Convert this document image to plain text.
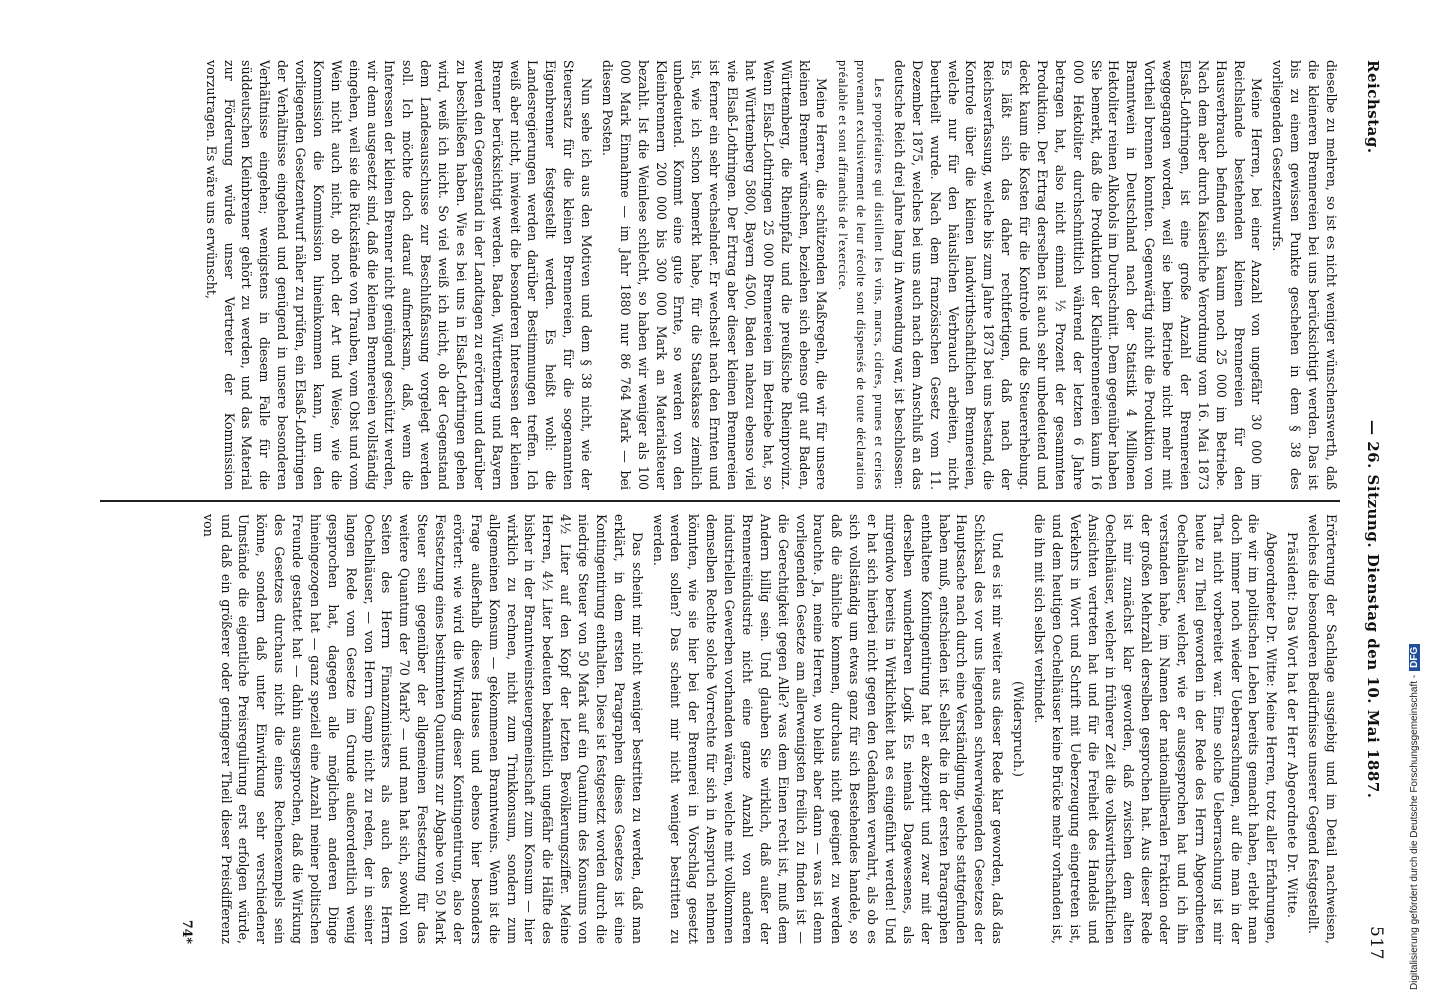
Reichstag.
— 26. Sitzung. Dienstag den 10. Mai 1887.
517

dieselbe zu mehren, so ist es nicht weniger wünschenswerth, daß die kleineren Brennereien bei uns berücksichtigt werden. Das ist bis zu einem gewissen Punkte geschehen in dem § 38 des vorliegenden Gesetzentwurfs.

Meine Herren, bei einer Anzahl von ungefähr 30 000 im Reichslande bestehenden kleinen Brennereien für den Hausverbrauch befinden sich kaum noch 25 000 im Betriebe. Nach dem aber durch Kaiserliche Verordnung vom 16. Mai 1873 Elsaß-Lothringen, ist eine große Anzahl der Brennereien weggegangen worden, weil sie beim Betriebe nicht mehr mit Vortheil brennen konnten. Gegenwärtig nicht die Produktion von Branntwein in Deutschland nach der Statistik 4 Millionen Hektoliter reinen Alkohols im Durchschnitt. Dem gegenüber haben Sie bemerkt, daß die Produktion der Kleinbrennereien kaum 16 000 Hektoliter durchschnittlich während der letzten 6 Jahre betragen hat, also nicht einmal ½ Prozent der gesammten Produktion. Der Ertrag derselben ist auch sehr unbedeutend und deckt kaum die Kosten für die Kontrole und die Steuererhebung. Es läßt sich das daher rechtfertigen, daß nach der Reichsverfassung, welche bis zum Jahre 1873 bei uns bestand, die Kontrole über die kleinen landwirthschaftlichen Brennereien, welche nur für den häuslichen Verbrauch arbeiten, nicht beurtheilt wurde. Nach dem französischen Gesetz vom 11. Dezember 1875, welches bei uns auch nach dem Anschluß an das deutsche Reich drei Jahre lang in Anwendung war, ist beschlossen:

Les propriétaires qui distillent les vins, marcs, cidres, prunes et cerises provenant exclusivement de leur récolte sont dispensés de toute déclaration préalable et sont affranchis de l'exercice.

Meine Herren, die schützenden Maßregeln, die wir für unsere kleinen Brenner wünschen, beziehen sich ebenso gut auf Baden, Württemberg, die Rheinpfalz und die preußische Rheinprovinz. Wenn Elsaß-Lothringen 25 000 Brennereien im Betriebe hat, so hat Württemberg 5800, Bayern 4500, Baden nahezu ebenso viel wie Elsaß-Lothringen. Der Ertrag aber dieser kleinen Brennereien ist ferner ein sehr wechselnder. Er wechselt nach den Ernten und ist, wie ich schon bemerkt habe, für die Staatskasse ziemlich unbedeutend. Kommt eine gute Ernte, so werden von den Kleinbrennern 200 000 bis 300 000 Mark an Materialsteuer bezahlt. Ist die Weinlese schlecht, so haben wir weniger als 100 000 Mark Einnahme — im Jahr 1880 nur 86 764 Mark — bei diesem Posten.

Nun sehe ich aus den Motiven und dem § 38 nicht, wie der Steuersatz für die kleinen Brennereien, für die sogenannten Eigenbrenner festgestellt werden. Es heißt wohl: die Landesregierungen werden darüber Bestimmungen treffen. Ich weiß aber nicht, inwieweit die besonderen Interessen der kleinen Brenner berücksichtigt werden. Baden, Württemberg und Bayern werden den Gegenstand in der Landtagen zu erörtern und darüber zu beschließen haben. Wie es bei uns in Elsaß-Lothringen gehen wird, weiß ich nicht. So viel weiß ich nicht, ob der Gegenstand dem Landesausschusse zur Beschlußfassung vorgelegt werden soll. Ich möchte doch darauf aufmerksam, daß, wenn die Interessen der kleinen Brenner nicht genügend geschützt werden, wir denn ausgesetzt sind, daß die kleinen Brennereien vollständig eingehen, weil sie die Rückstände von Trauben, vom Obst und vom Wein nicht auch nicht, ob noch der Art und Weise, wie die Kommission die Kommission hineinkommen kann, um den vorliegenden Gesetzentwurf näher zu prüfen, ein Elsaß-Lothringen der Verhältnisse eingehend und genügend in unsere besonderen Verhältnisse eingehen; wenigstens in diesem Falle für die süddeutschen Kleinbrenner gehört zu werden, und das Material zur Förderung würde unser Vertreter der Kommission vorzutragen. Es wäre uns erwünscht,

Erörterung der Sachlage ausgiebig und im Detail nachweisen, welches die besonderen Bedürfnisse unserer Gegend festgestellt.

Präsident: Das Wort hat der Herr Abgeordnete Dr. Witte.

Abgeordneter Dr. Witte: Meine Herren, trotz aller Erfahrungen, die wir im politischen Leben bereits gemacht haben, erlebt man doch immer noch wieder Ueberraschungen, auf die man in der That nicht vorbereitet war. Eine solche Ueberraschung ist mir heute zu Theil geworden in der Rede des Herrn Abgeordneten Oechelhäuser, welcher, wie er ausgesprochen hat und ich ihn verstanden habe, im Namen der nationalliberalen Fraktion oder der großen Mehrzahl derselben gesprochen hat. Aus dieser Rede ist mir zunächst klar geworden, daß zwischen dem alten Oechelhäuser, welcher in früherer Zeit die volkswirthschaftlichen Ansichten vertreten hat und für die Freiheit des Handels und Verkehrs in Wort und Schrift mit Ueberzeugung eingetreten ist, und dem heutigen Oechelhäuser keine Brücke mehr vorhanden ist, die ihn mit sich selbst verbindet.

(Widerspruch.)

Und es ist mir weiter aus dieser Rede klar geworden, daß das Schicksal des vor uns liegenden schwerwiegenden Gesetzes der Hauptsache nach durch eine Verständigung, welche stattgefunden haben muß, entschieden ist. Selbst die in der ersten Paragraphen enthaltene Kontingentirung hat er akzeptirt und zwar mit der derselben wunderbaren Logik Es niemals Dagewesenes, als nirgendwo bereits in Wirklichkeit hat es eingeführt werden! Und er hat sich hierbei nicht gegen den Gedanken verwahrt, als ob es sich vollständig um etwas ganz für sich Bestehendes handele, so daß die ähnliche kommen, durchaus nicht geeignet zu werden brauchte. Ja, meine Herren, wo bleibt aber dann — was ist denn vorliegenden Gesetze am allerwenigsten freilich zu finden ist — die Gerechtigkeit gegen Alle? was dem Einen recht ist, muß dem Andern billig sein. Und glauben Sie wirklich, daß außer der Brennereiindustrie nicht eine ganze Anzahl von anderen industriellen Gewerben vorhanden wären, welche mit vollkommen demselben Rechte solche Vorrechte für sich in Anspruch nehmen könnten, wie sie hier bei der Brennerei in Vorschlag gesetzt werden sollen? Das scheint mir nicht weniger bestritten zu werden.

Das scheint mir nicht weniger bestritten zu werden, daß man erklärt, in dem ersten Paragraphen dieses Gesetzes ist eine Kontingentirung enthalten. Diese ist festgesetzt worden durch die niedrige Steuer von 50 Mark auf ein Quantum des Konsums von 4½ Liter auf den Kopf der letzten Bevölkerungsziffer. Meine Herren, 4½ Liter bedeuten bekanntlich ungefähr die Hälfte des bisher in der Branntweinsteuergemeinschaft zum Konsum — hier wirklich zu rechnen, nicht zum Trinkkonsum, sondern zum allgemeinen Konsum — gekommenen Branntweins. Wenn ist die Frage außerhalb dieses Hauses und ebenso hier besonders erörtert: wie wird die Wirkung dieser Kontingentirung, also der Festsetzung eines bestimmten Quantums zur Abgabe von 50 Mark Steuer sein gegenüber der allgemeinen Festsetzung für das weitere Quantum der 70 Mark? — und man hat sich, sowohl von Seiten des Herrn Finanzministers als auch des Herrn Oechelhäuser, — von Herrn Gamp nicht zu reden, der in seiner langen Rede vom Gesetze im Grunde außerordentlich wenig gesprochen hat, dagegen alle möglichen anderen Dinge hineingezogen hat — ganz speziell eine Anzahl meiner politischen Freunde gestattet hat — dahin ausgesprochen, daß die Wirkung des Gesetzes durchaus nicht die eines Rechenexempels sein könne, sondern daß unter Einwirkung sehr verschiedener Umstände die eigentliche Preisregulirung erst erfolgen würde, und daß ein größerer oder geringerer Theil dieser Preisdifferenz von

74*	Digitalisierung gefördert durch die Deutsche Forschungsgemeinschaft -DFG
